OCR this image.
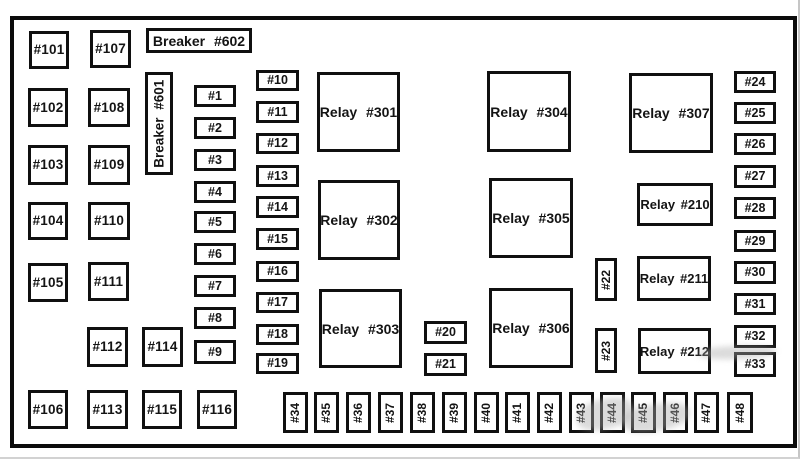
#101
#102
#103
#104
#105
#106
#107
#108
#109
#110
#111
#112
#113
#114
#115 #116
Breaker #602
Breaker #601	#1
#2
#3
#4
#5
#6
#7
#8
#9
#10
#11
#12
#13
#14
#15
#16
#17
#18
#19
Relay #301
Relay #302
Relay #303
Relay #304
Relay #305
Relay #306
Relay #307
Relay #210
Relay #211
Relay #212
#20
#21
#22
#23
#24
#25
#26
#27
#28
#29
#30
#31
#32
#33
#34 #35 #36 #37 #38 #39 #40 #41 #42 #43 #44 #45 #46 #47 #48
